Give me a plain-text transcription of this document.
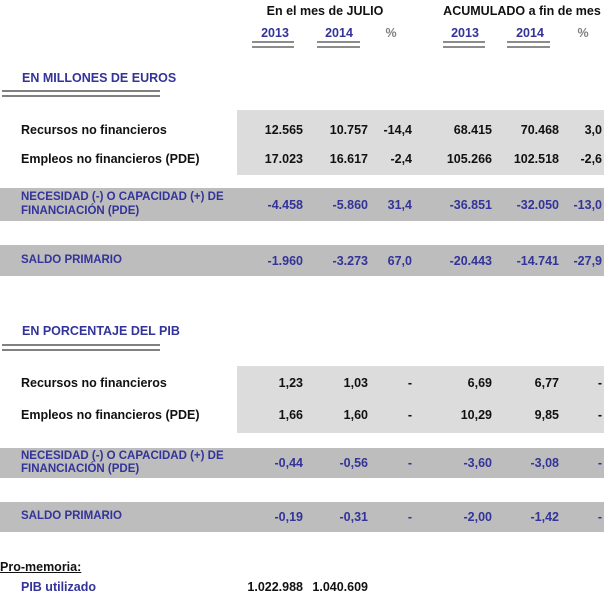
En el mes de JULIO	ACUMULADO a fin de mes
2013	2014	%	2013	2014	%
EN MILLONES DE EUROS
Recursos no financieros	12.565	10.757	-14,4	68.415	70.468	3,0
Empleos no financieros (PDE)	17.023	16.617	-2,4	105.266	102.518	-2,6
NECESIDAD (-) O CAPACIDAD (+) DE FINANCIACIÓN (PDE)	-4.458	-5.860	31,4	-36.851	-32.050	-13,0
SALDO PRIMARIO	-1.960	-3.273	67,0	-20.443	-14.741	-27,9
EN PORCENTAJE DEL PIB
Recursos no financieros	1,23	1,03	-	6,69	6,77	-
Empleos no financieros (PDE)	1,66	1,60	-	10,29	9,85	-
NECESIDAD (-) O CAPACIDAD (+) DE FINANCIACIÓN (PDE)	-0,44	-0,56	-	-3,60	-3,08	-
SALDO PRIMARIO	-0,19	-0,31	-	-2,00	-1,42	-
Pro-memoria:
PIB utilizado	1.022.988 1.040.609
